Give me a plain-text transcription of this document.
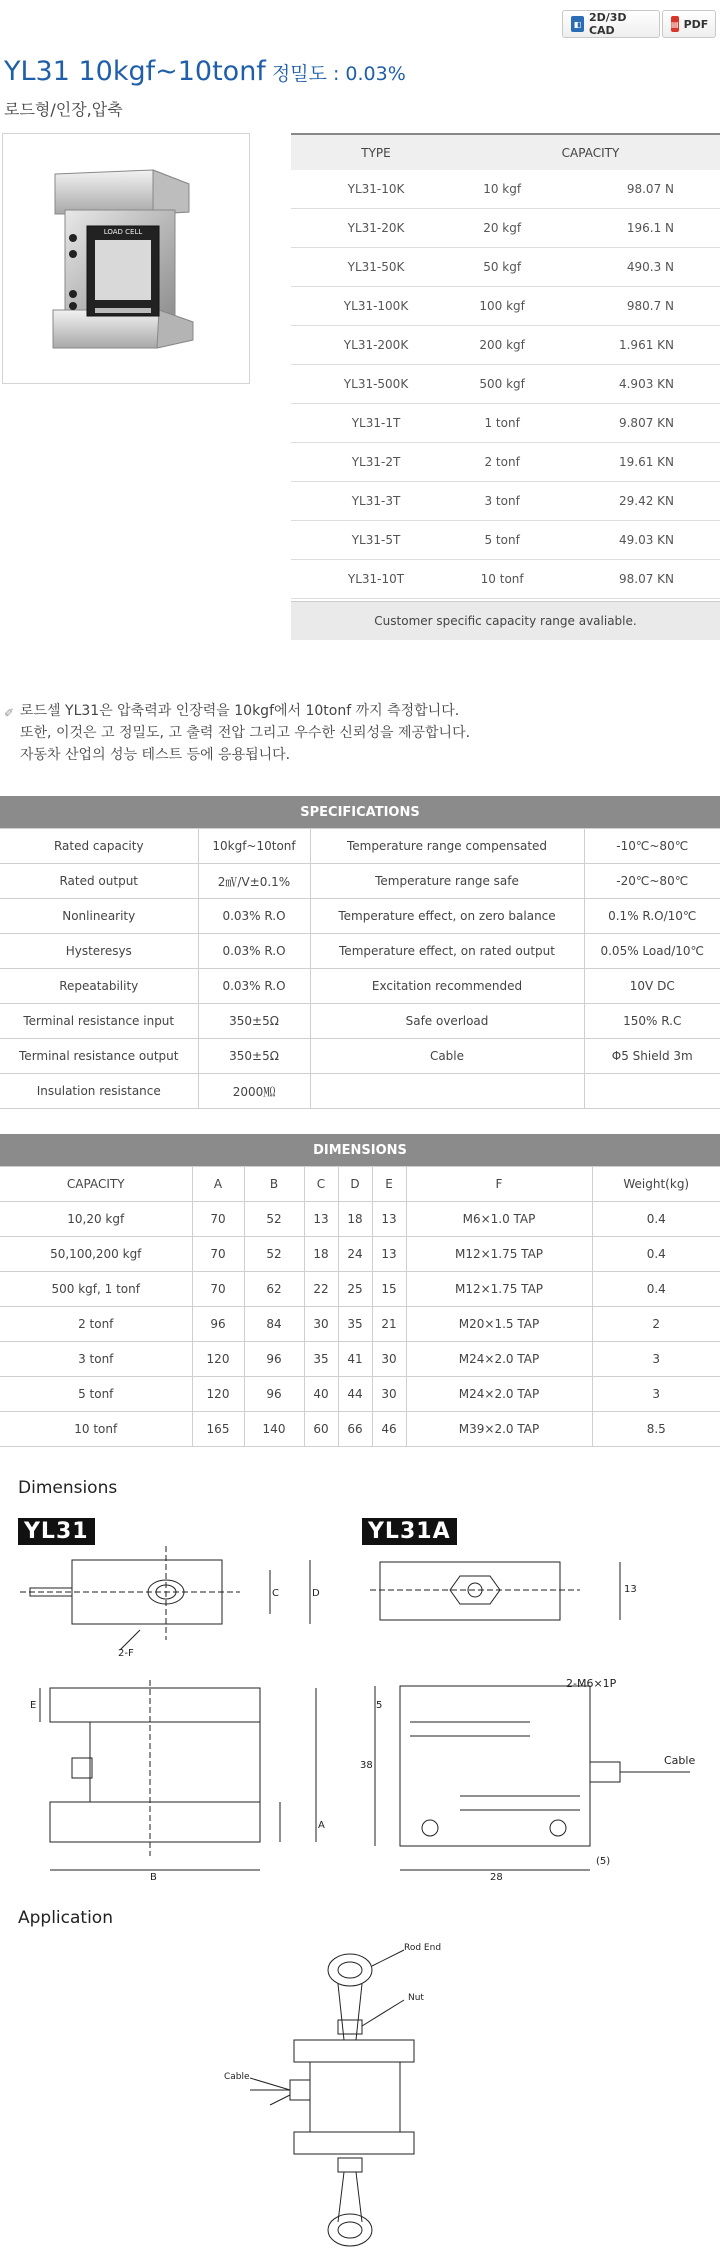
◧ 2D/3D CAD	▤ PDF
YL31 10kgf~10tonf 정밀도 : 0.03%
로드형/인장,압축
LOAD CELL
TYPE	CAPACITY	
YL31-10K	10 kgf	98.07 N
YL31-20K	20 kgf	196.1 N
YL31-50K	50 kgf	490.3 N
YL31-100K	100 kgf	980.7 N
YL31-200K	200 kgf	1.961 KN
YL31-500K	500 kgf	4.903 KN
YL31-1T	1 tonf	9.807 KN
YL31-2T	2 tonf	19.61 KN
YL31-3T	3 tonf	29.42 KN
YL31-5T	5 tonf	49.03 KN
YL31-10T	10 tonf	98.07 KN

Customer specific capacity range avaliable.
✐ 로드셀 YL31은 압축력과 인장력을 10kgf에서 10tonf 까지 측정합니다.
또한, 이것은 고 정밀도, 고 출력 전압 그리고 우수한 신뢰성을 제공합니다.
자동차 산업의 성능 테스트 등에 응용됩니다.
SPECIFICATIONS
Rated capacity	10kgf~10tonf	Temperature range compensated	-10℃~80℃
Rated output	2㎷/V±0.1%	Temperature range safe	-20℃~80℃
Nonlinearity	0.03% R.O	Temperature effect, on zero balance	0.1% R.O/10℃
Hysteresys	0.03% R.O	Temperature effect, on rated output	0.05% Load/10℃
Repeatability	0.03% R.O	Excitation recommended	10V DC
Terminal resistance input	350±5Ω	Safe overload	150% R.C
Terminal resistance output	350±5Ω	Cable	Φ5 Shield 3m
Insulation resistance	2000㏁		
DIMENSIONS
CAPACITY	A	B	C	D	E	F	Weight(kg)
10,20 kgf	70	52	13	18	13	M6×1.0 TAP	0.4
50,100,200 kgf	70	52	18	24	13	M12×1.75 TAP	0.4
500 kgf, 1 tonf	70	62	22	25	15	M12×1.75 TAP	0.4
2 tonf	96	84	30	35	21	M20×1.5 TAP	2
3 tonf	120	96	35	41	30	M24×2.0 TAP	3
5 tonf	120	96	40	44	30	M24×2.0 TAP	3
10 tonf	165	140	60	66	46	M39×2.0 TAP	8.5
Dimensions
YL31	YL31A
2-F
2-M6×1P
Cable
A
B
C	D
E
13
5
38
28
(5)
Application
Rod End
Nut
Cable
